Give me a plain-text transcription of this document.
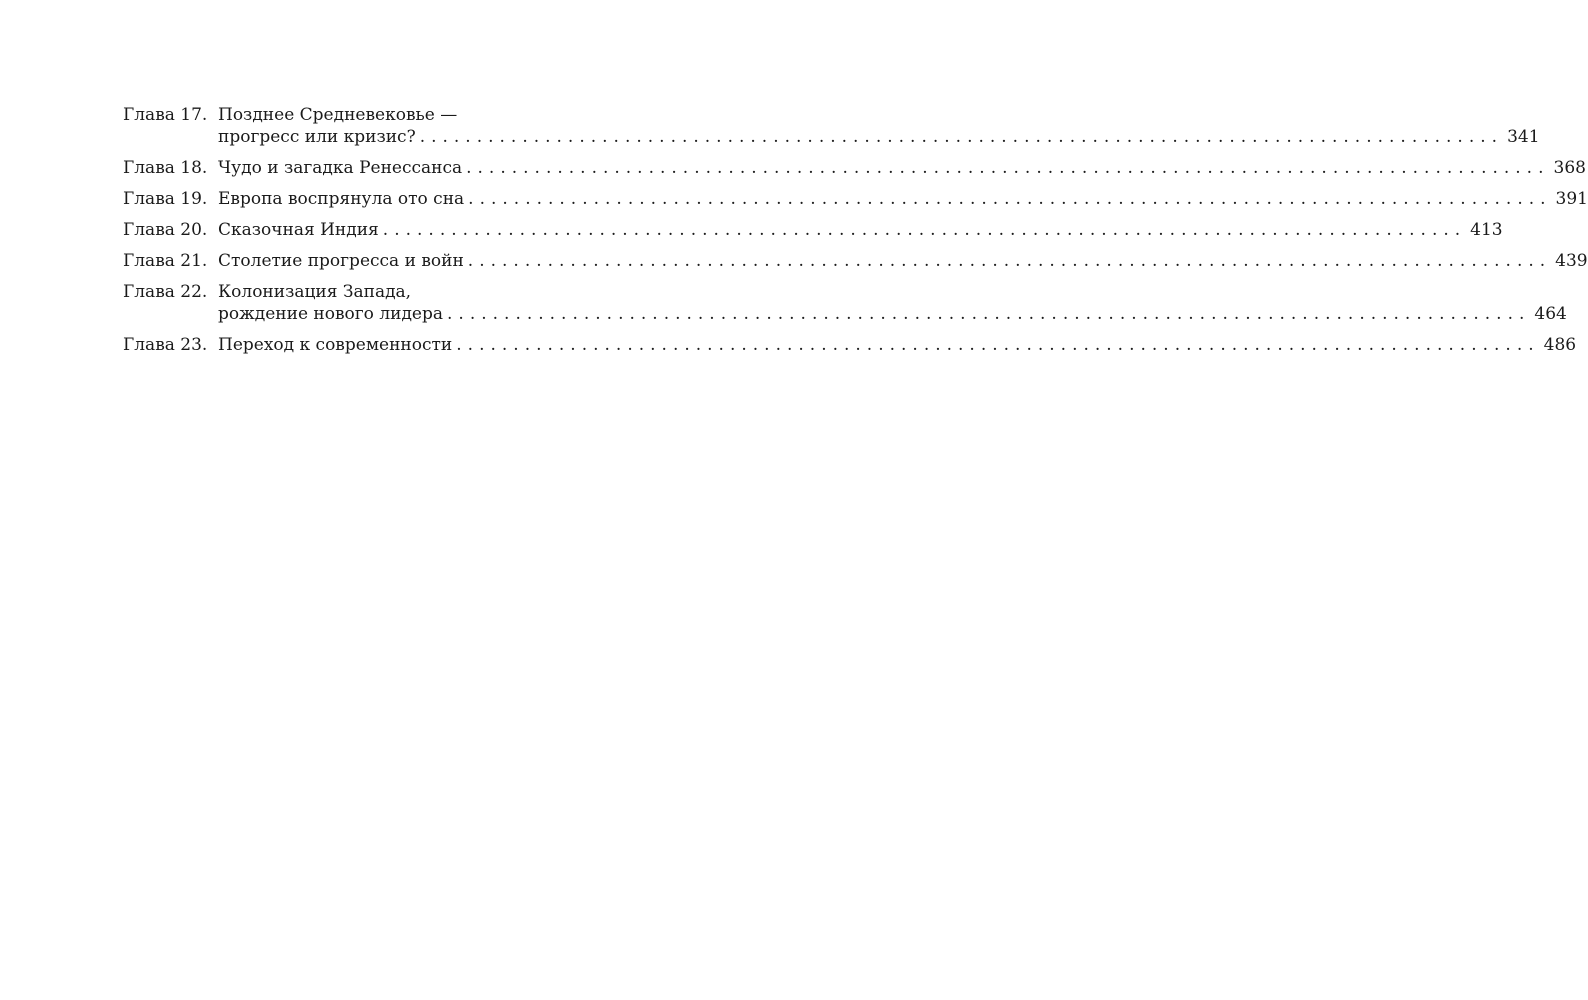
Глава 17. Позднее Средневековье —
прогресс или кризис? ............................................................................................... 341
Глава 18. Чудо и загадка Ренессанса ............................................................................................... 368
Глава 19. Европа воспрянула ото сна ............................................................................................... 391
Глава 20. Сказочная Индия ............................................................................................... 413
Глава 21. Столетие прогресса и войн ............................................................................................... 439
Глава 22. Колонизация Запада,
рождение нового лидера ............................................................................................... 464
Глава 23. Переход к современности ............................................................................................... 486
